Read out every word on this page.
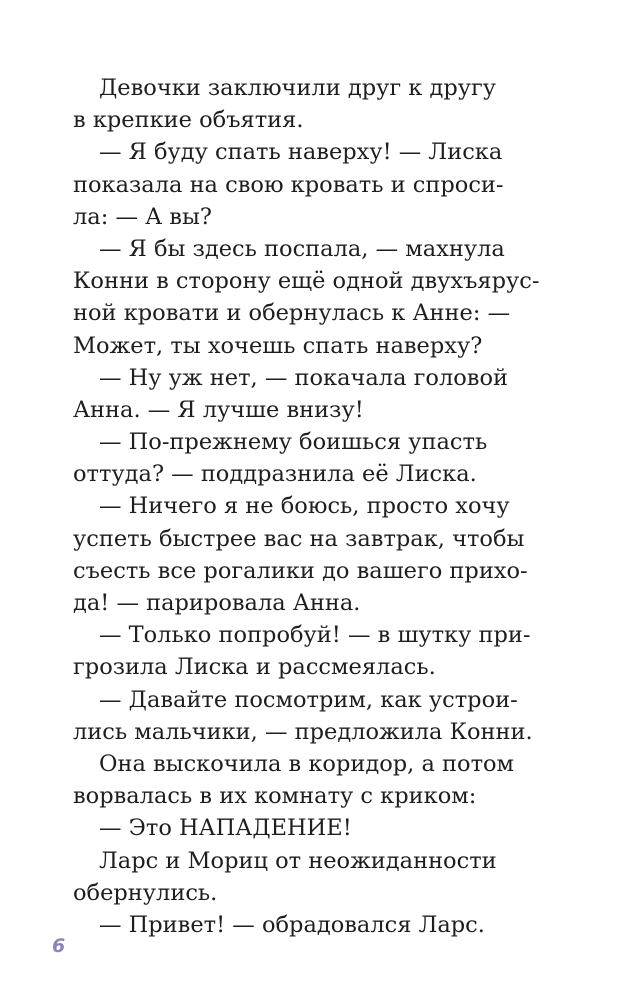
Девочки заключили друг к другу
в крепкие объятия.
— Я буду спать наверху! — Лиска
показала на свою кровать и спроси-
ла: — А вы?
— Я бы здесь поспала, — махнула
Конни в сторону ещё одной двухъярус-
ной кровати и обернулась к Анне: —
Может, ты хочешь спать наверху?
— Ну уж нет, — покачала головой
Анна. — Я лучше внизу!
— По-прежнему боишься упасть
оттуда? — поддразнила её Лиска.
— Ничего я не боюсь, просто хочу
успеть быстрее вас на завтрак, чтобы
съесть все рогалики до вашего прихо-
да! — парировала Анна.
— Только попробуй! — в шутку при-
грозила Лиска и рассмеялась.
— Давайте посмотрим, как устрои-
лись мальчики, — предложила Конни.
Она выскочила в коридор, а потом
ворвалась в их комнату с криком:
— Это НАПАДЕНИЕ!
Ларс и Мориц от неожиданности
обернулись.
— Привет! — обрадовался Ларс.
6
